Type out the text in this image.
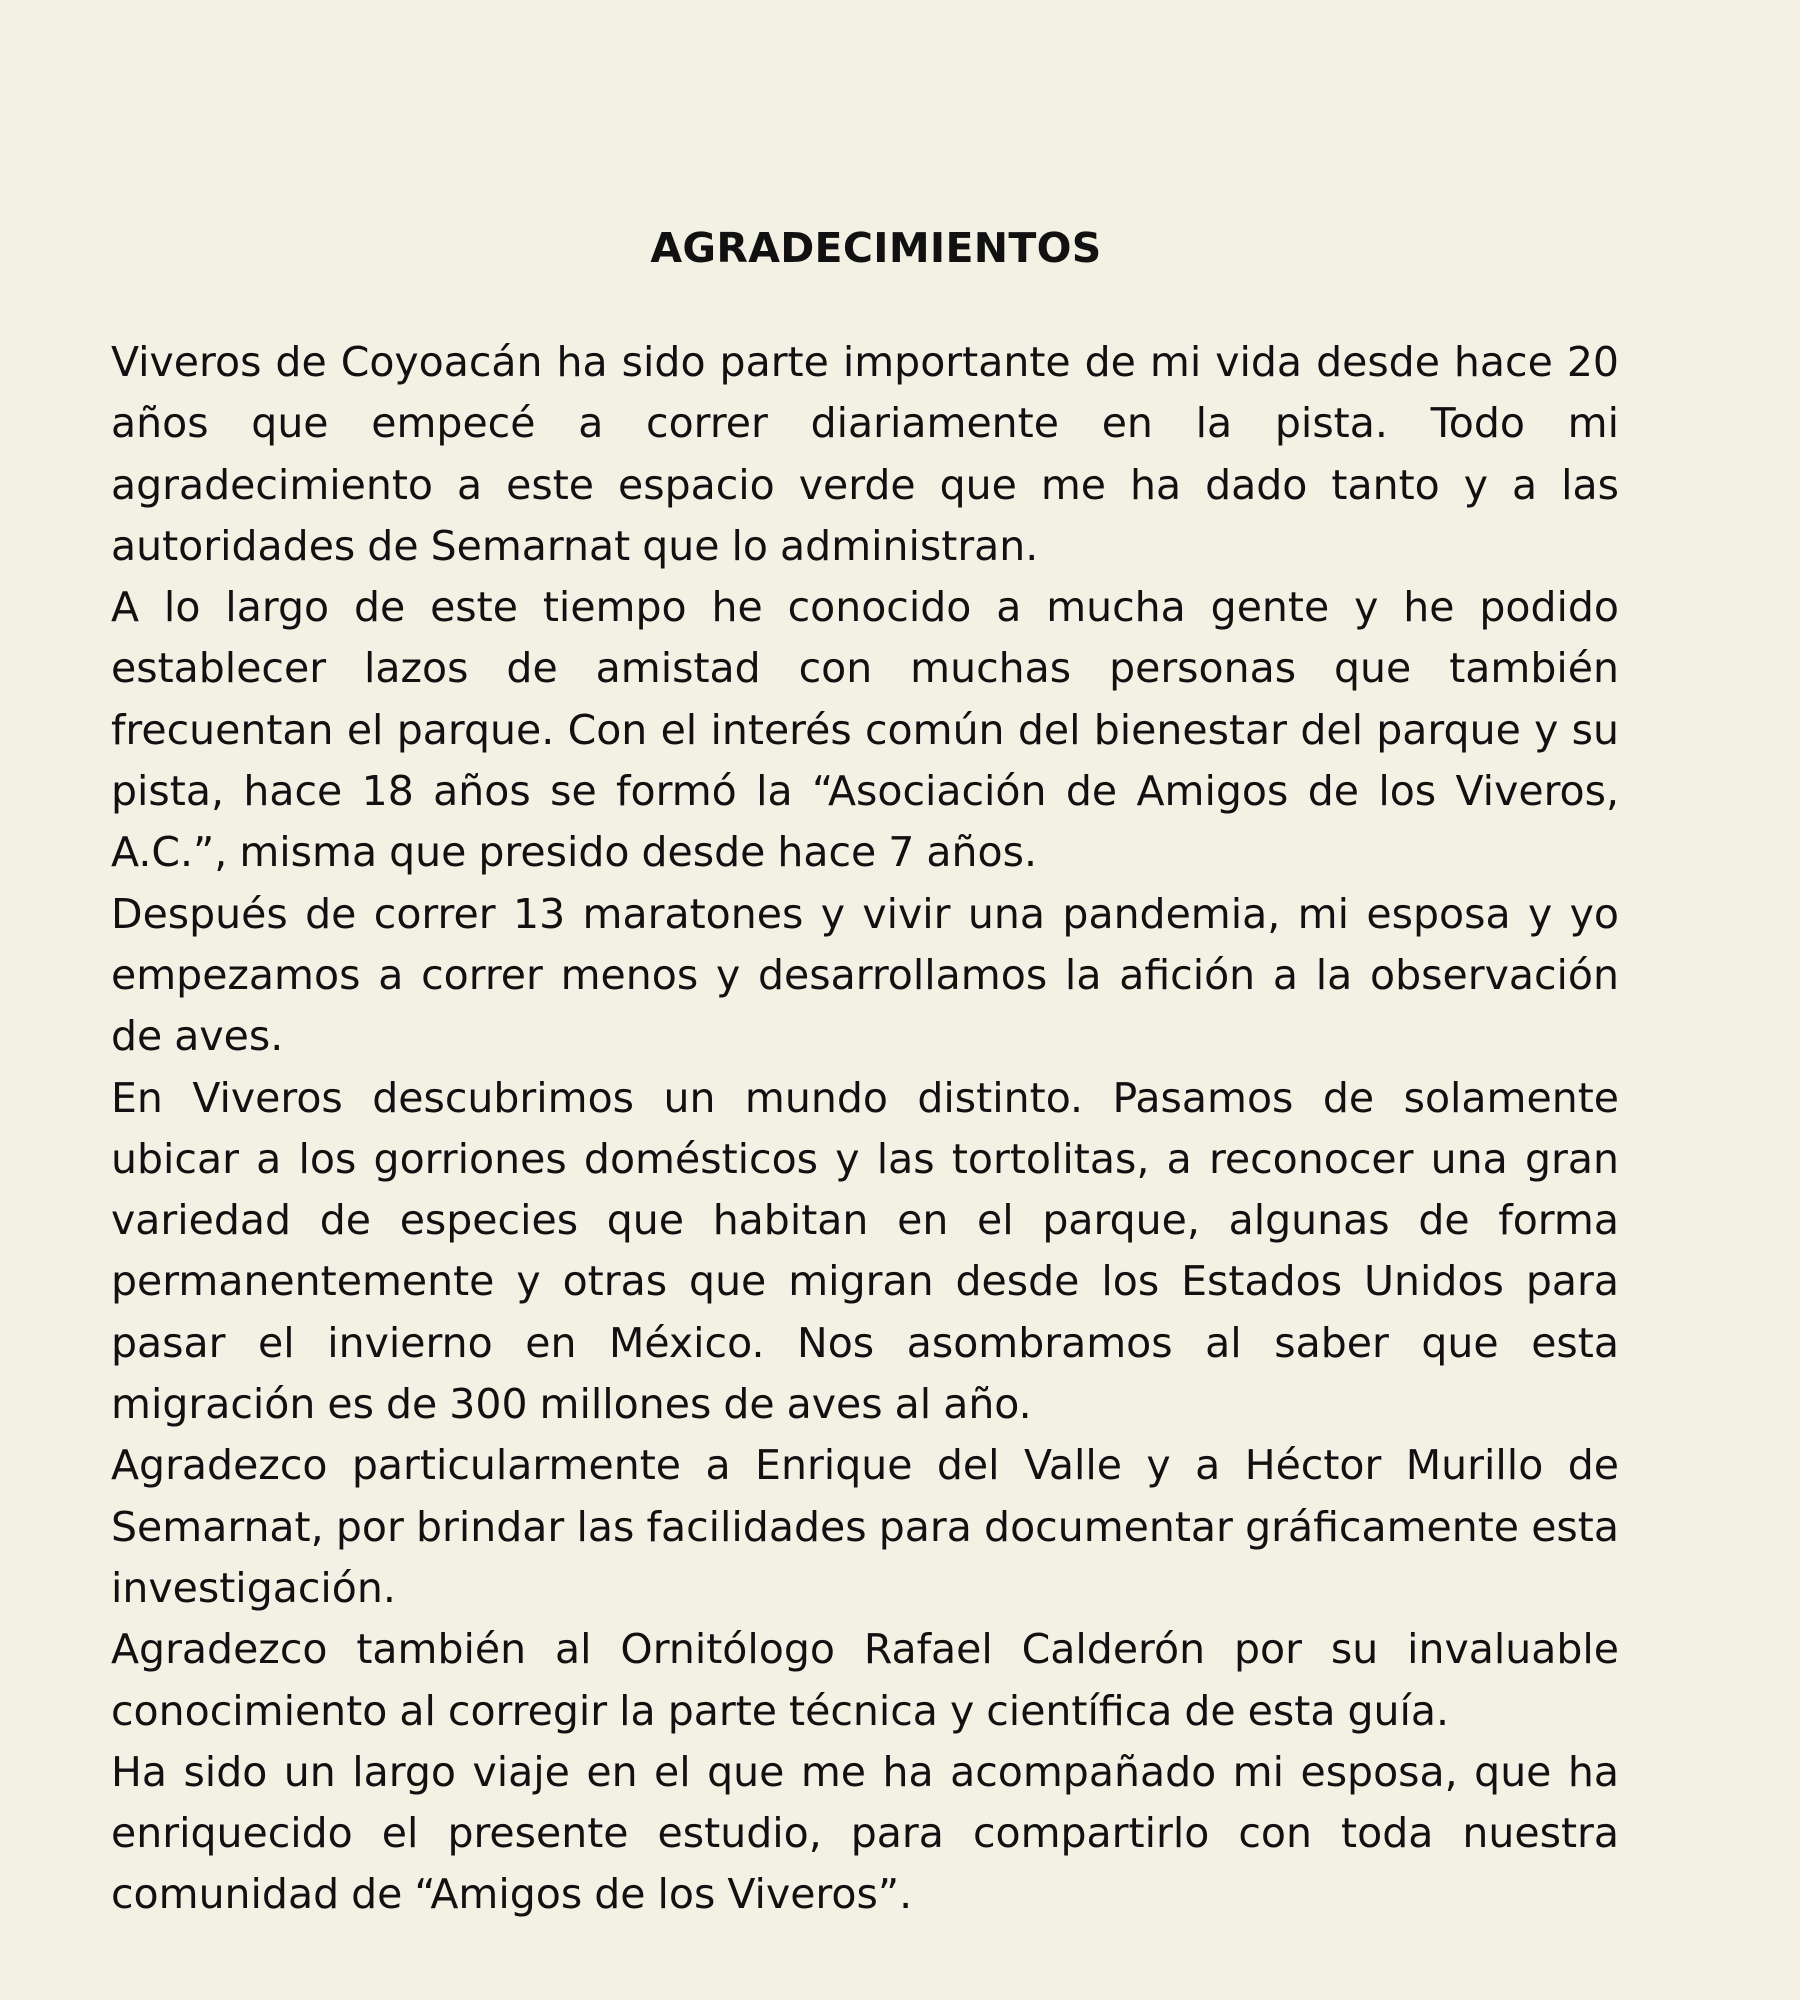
AGRADECIMIENTOS

Viveros de Coyoacán ha sido parte importante de mi vida desde hace 20 años que empecé a correr diariamente en la pista. Todo mi agradecimiento a este espacio verde que me ha dado tanto y a las autoridades de Semarnat que lo administran.

A lo largo de este tiempo he conocido a mucha gente y he podido establecer lazos de amistad con muchas personas que también frecuentan el parque. Con el interés común del bienestar del parque y su pista, hace 18 años se formó la “Asociación de Amigos de los Viveros, A.C.”, misma que presido desde hace 7 años.

Después de correr 13 maratones y vivir una pandemia, mi esposa y yo empezamos a correr menos y desarrollamos la afición a la observación de aves.

En Viveros descubrimos un mundo distinto. Pasamos de solamente ubicar a los gorriones domésticos y las tortolitas, a reconocer una gran variedad de especies que habitan en el parque, algunas de forma permanentemente y otras que migran desde los Estados Unidos para pasar el invierno en México. Nos asombramos al saber que esta migración es de 300 millones de aves al año.

Agradezco particularmente a Enrique del Valle y a Héctor Murillo de Semarnat, por brindar las facilidades para documentar gráficamente esta investigación.

Agradezco también al Ornitólogo Rafael Calderón por su invaluable conocimiento al corregir la parte técnica y científica de esta guía.

Ha sido un largo viaje en el que me ha acompañado mi esposa, que ha enriquecido el presente estudio, para compartirlo con toda nuestra comunidad de “Amigos de los Viveros”.
